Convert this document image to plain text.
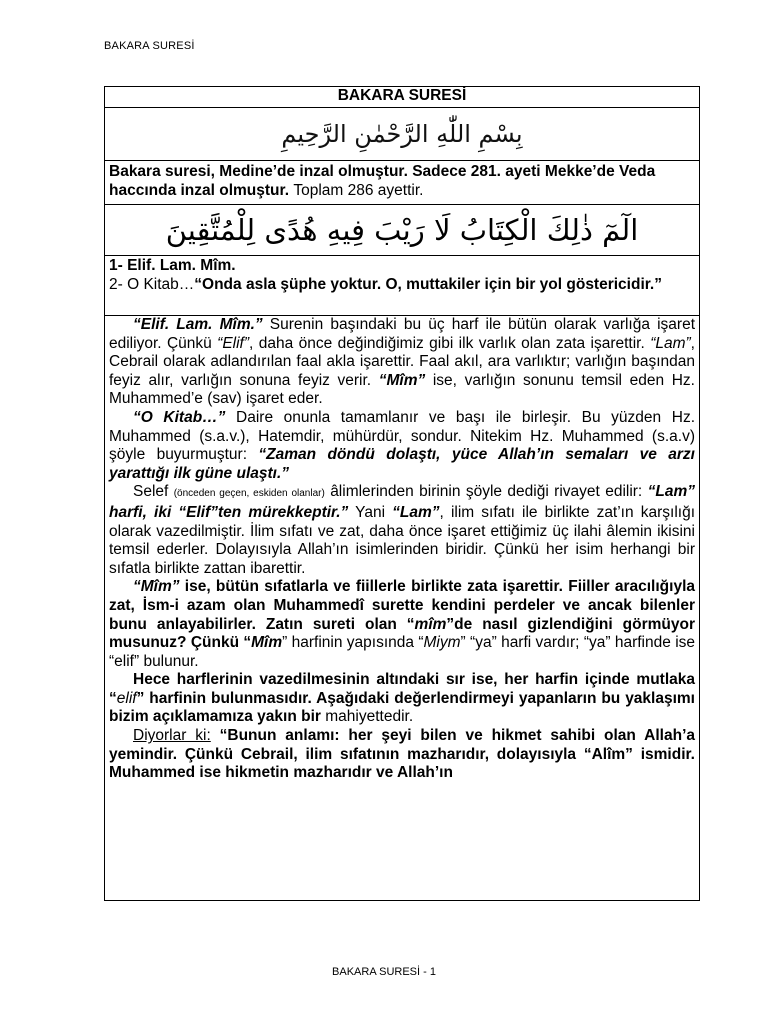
BAKARA SURESİ
BAKARA SURESİ
بِسْمِ اللّٰهِ الرَّحْمٰنِ الرَّحِيمِ
Bakara suresi, Medine’de inzal olmuştur. Sadece 281. ayeti Mekke’de Veda haccında inzal olmuştur. Toplam 286 ayettir.
الٓمٓ ذٰلِكَ الْكِتَابُ لَا رَيْبَ فِيهِ هُدًى لِلْمُتَّقِينَ

1- Elif. Lam. Mîm.
2- O Kitab…“Onda asla şüphe yoktur. O, muttakiler için bir yol göstericidir.”

“Elif. Lam. Mîm.” Surenin başındaki bu üç harf ile bütün olarak varlığa işaret ediliyor. Çünkü “Elif”, daha önce değindiğimiz gibi ilk varlık olan zata işarettir. “Lam”, Cebrail olarak adlandırılan faal akla işarettir. Faal akıl, ara varlıktır; varlığın başından feyiz alır, varlığın sonuna feyiz verir. “Mîm” ise, varlığın sonunu temsil eden Hz. Muhammed’e (sav) işaret eder.

“O Kitab…” Daire onunla tamamlanır ve başı ile birleşir. Bu yüzden Hz. Muhammed (s.a.v.), Hatemdir, mühürdür, sondur. Nitekim Hz. Muhammed (s.a.v) şöyle buyurmuştur: “Zaman döndü dolaştı, yüce Allah’ın semaları ve arzı yarattığı ilk güne ulaştı.”

Selef (önceden geçen, eskiden olanlar) âlimlerinden birinin şöyle dediği rivayet edilir: “Lam” harfi, iki “Elif”ten mürekkeptir.” Yani “Lam”, ilim sıfatı ile birlikte zat’ın karşılığı olarak vazedilmiştir. İlim sıfatı ve zat, daha önce işaret ettiğimiz üç ilahi âlemin ikisini temsil ederler. Dolayısıyla Allah’ın isimlerinden biridir. Çünkü her isim herhangi bir sıfatla birlikte zattan ibarettir.

“Mîm” ise, bütün sıfatlarla ve fiillerle birlikte zata işarettir. Fiiller aracılığıyla zat, İsm-i azam olan Muhammedî surette kendini perdeler ve ancak bilenler bunu anlayabilirler. Zatın sureti olan “mîm”de nasıl gizlendiğini görmüyor musunuz? Çünkü “Mîm” harfinin yapısında “Miym” “ya” harfi vardır; “ya” harfinde ise “elif” bulunur.

Hece harflerinin vazedilmesinin altındaki sır ise, her harfin içinde mutlaka “elif” harfinin bulunmasıdır. Aşağıdaki değerlendirmeyi yapanların bu yaklaşımı bizim açıklamamıza yakın bir mahiyettedir.

Diyorlar ki: “Bunun anlamı: her şeyi bilen ve hikmet sahibi olan Allah’a yemindir. Çünkü Cebrail, ilim sıfatının mazharıdır, dolayısıyla “Alîm” ismidir. Muhammed ise hikmetin mazharıdır ve Allah’ın

BAKARA SURESİ - 1
